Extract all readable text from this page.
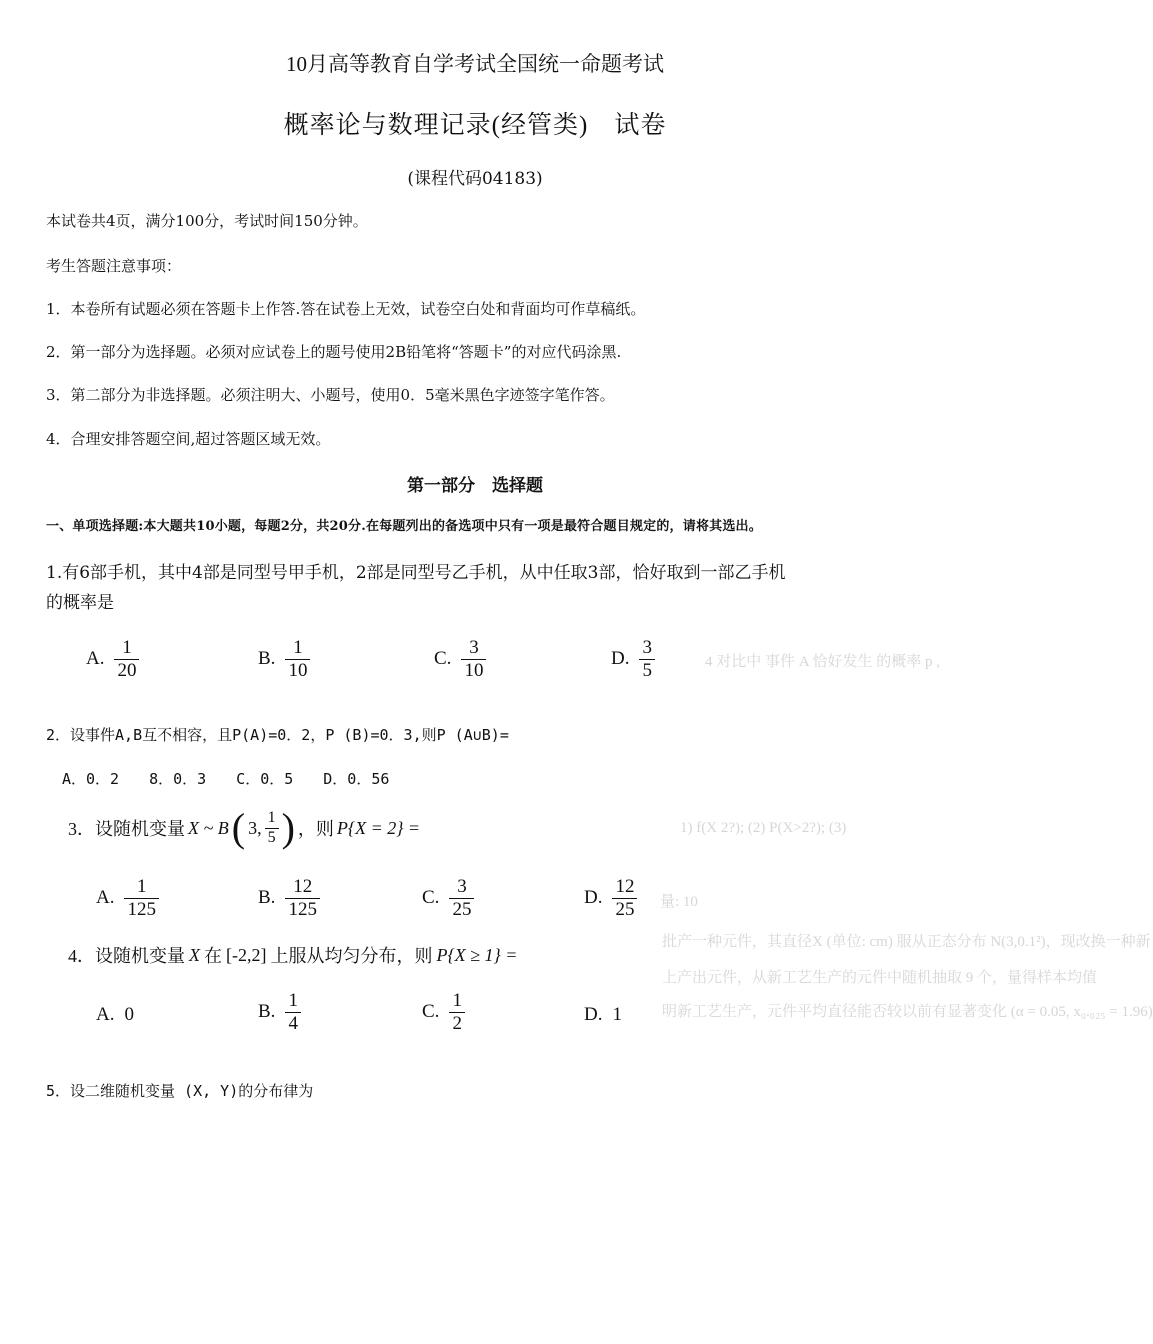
10月高等教育自学考试全国统一命题考试
概率论与数理记录(经管类)　试卷
(课程代码04183)
本试卷共4页，满分100分，考试时间150分钟。
考生答题注意事项：
1．本卷所有试题必须在答题卡上作答.答在试卷上无效，试卷空白处和背面均可作草稿纸。
2．第一部分为选择题。必须对应试卷上的题号使用2B铅笔将“答题卡”的对应代码涂黑.
3．第二部分为非选择题。必须注明大、小题号，使用0．5毫米黑色字迹签字笔作答。
4．合理安排答题空间,超过答题区域无效。
第一部分　选择题
一、单项选择题:本大题共10小题，每题2分，共20分.在每题列出的备选项中只有一项是最符合题目规定的，请将其选出。
4 对比中 事件 A 恰好发生 的概率 p ,
1) f(X 2?); (2) P(X>2?); (3)
量: 10
批产一种元件，其直径X (单位: cm) 服从正态分布 N(3,0.1²)，现改换一种新
上产出元件，从新工艺生产的元件中随机抽取 9 个，量得样本均值
明新工艺生产，元件平均直径能否较以前有显著变化 (α = 0.05, x₀.₀₂₅ = 1.96)
1.有6部手机，其中4部是同型号甲手机，2部是同型号乙手机，从中任取3部，恰好取到一部乙手机
的概率是
A. $\frac{1}{20}$	B. $\frac{1}{10}$	C. $\frac{3}{10}$	D. $\frac{3}{5}$
2．设事件A,B互不相容，且P(A)=0．2，P (B)=0．3,则P (A∪B)=
A．0．2　　8．0．3　　C．0．5　　D．0．56
3．设随机变量 X ~ B ( 3, $\frac{1}{5}$ ) ，则 P{X = 2} =
A. $\frac{1}{125}$	B. $\frac{12}{125}$	C. $\frac{3}{25}$	D. $\frac{12}{25}$
4．设随机变量 X 在 [-2,2] 上服从均匀分布，则 P{X ≥ 1} =
A. 0	B. $\frac{1}{4}$	C. $\frac{1}{2}$	D. 1
5．设二维随机变量 (X, Y)的分布律为
